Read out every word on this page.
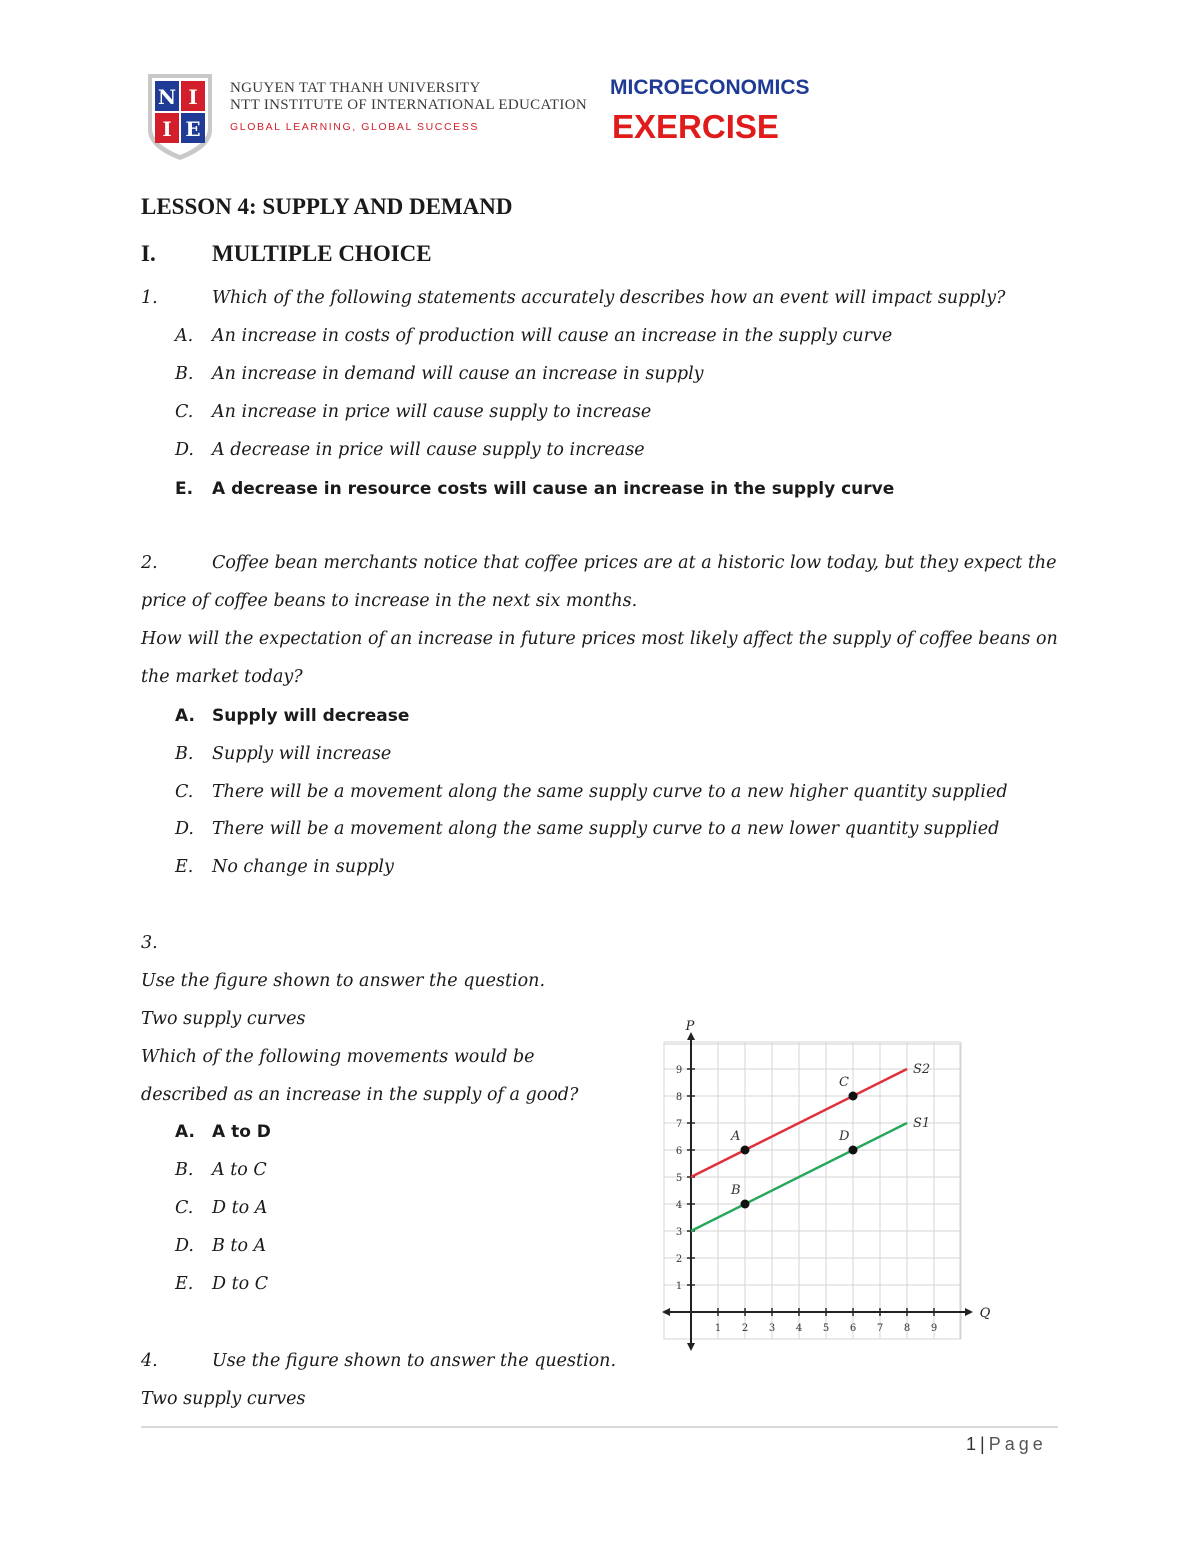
N I
I E
NGUYEN TAT THANH UNIVERSITY
NTT INSTITUTE OF INTERNATIONAL EDUCATION
GLOBAL LEARNING, GLOBAL SUCCESS
MICROECONOMICS
EXERCISE
LESSON 4: SUPPLY AND DEMAND
I. MULTIPLE CHOICE
1.	Which of the following statements accurately describes how an event will impact supply?
A. An increase in costs of production will cause an increase in the supply curve
B. An increase in demand will cause an increase in supply
C. An increase in price will cause supply to increase
D. A decrease in price will cause supply to increase
E. A decrease in resource costs will cause an increase in the supply curve
2.	Coffee bean merchants notice that coffee prices are at a historic low today, but they expect the
price of coffee beans to increase in the next six months.
How will the expectation of an increase in future prices most likely affect the supply of coffee beans on
the market today?
A. Supply will decrease
B. Supply will increase
C. There will be a movement along the same supply curve to a new higher quantity supplied
D. There will be a movement along the same supply curve to a new lower quantity supplied
E. No change in supply
3.
Use the figure shown to answer the question.
Two supply curves
Which of the following movements would be
described as an increase in the supply of a good?
A. A to D
B. A to C
C. D to A
D. B to A
E. D to C
P
Q
1 2 3 4 5 6 7 8 9
1
2
3
4
5
6
7
8
9	S2
S1
A
B
C
D
4.	Use the figure shown to answer the question.
Two supply curves
1 | Page
